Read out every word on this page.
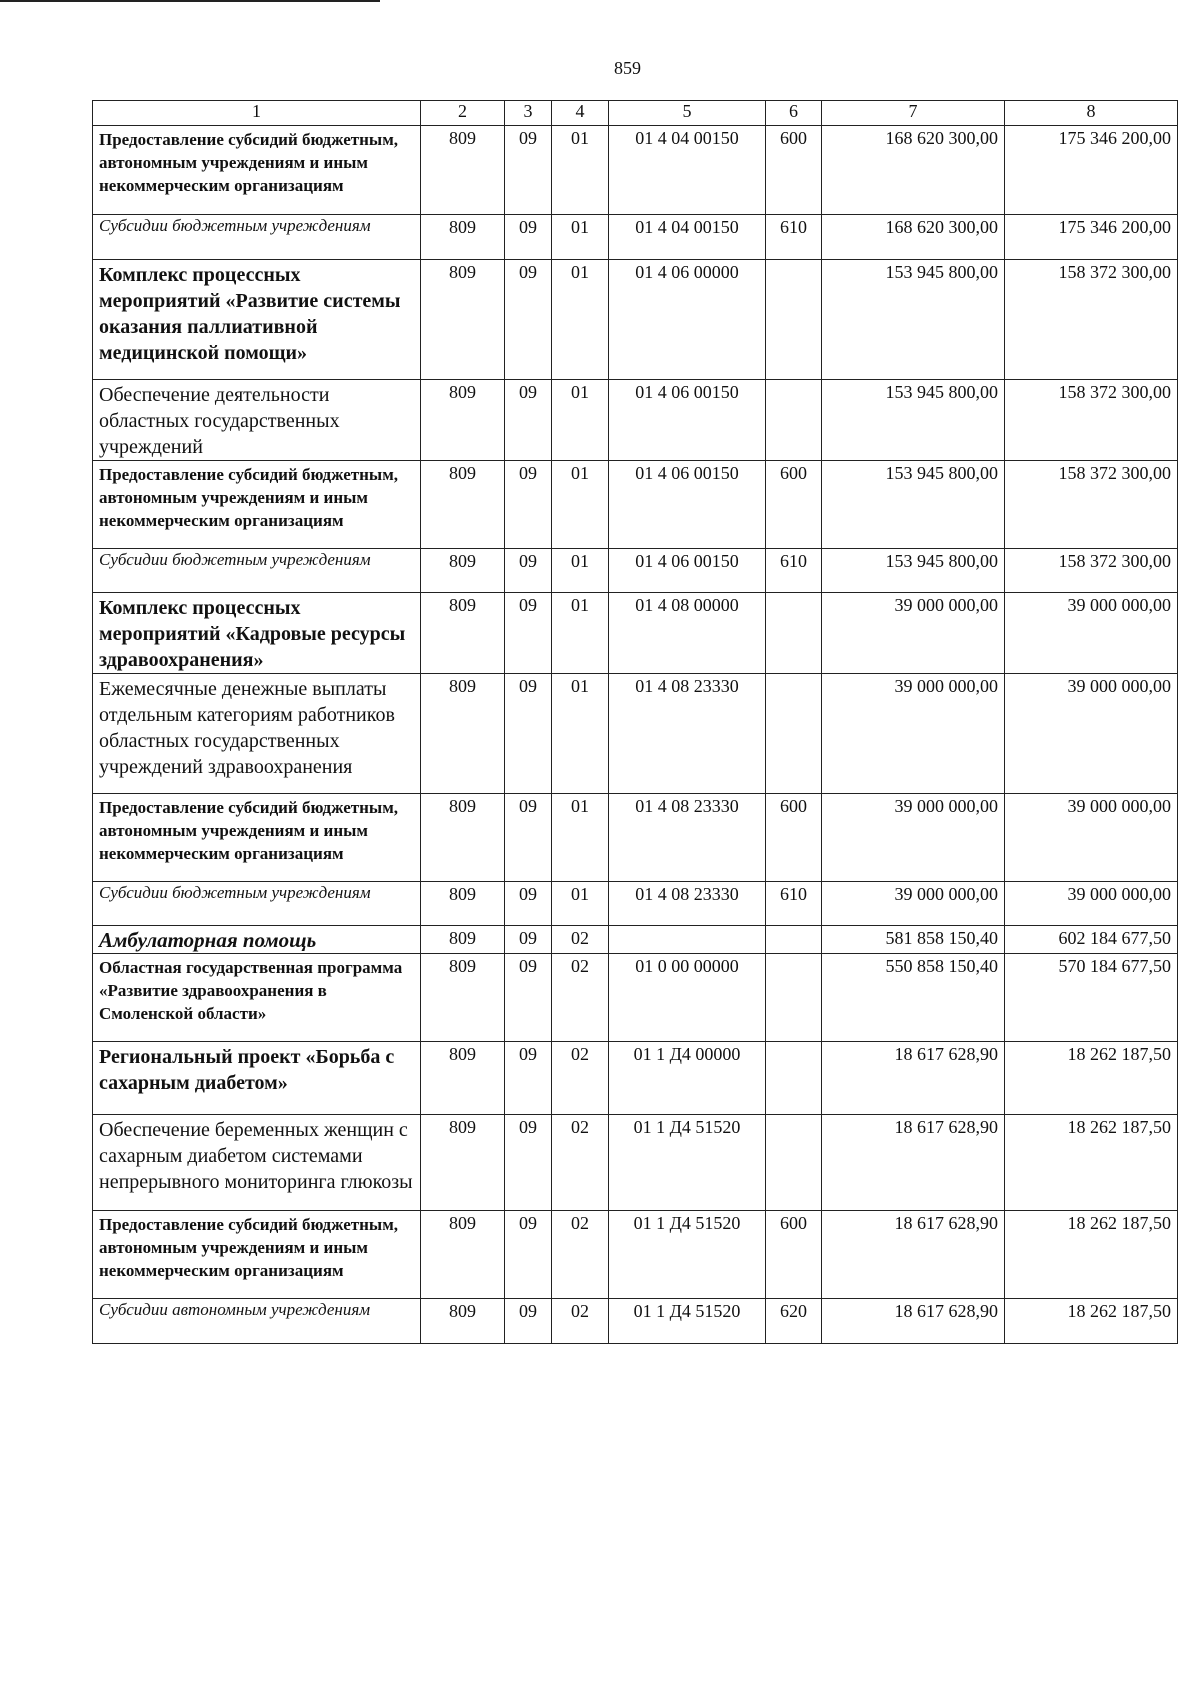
859
1	2	3	4	5	6	7	8
Предоставление субсидий бюджетным, автономным учреждениям и иным некоммерческим организациям	809	09	01	01 4 04 00150	600	168 620 300,00	175 346 200,00
Субсидии бюджетным учреждениям	809	09	01	01 4 04 00150	610	168 620 300,00	175 346 200,00
Комплекс процессных мероприятий «Развитие системы оказания паллиативной медицинской помощи»	809	09	01	01 4 06 00000		153 945 800,00	158 372 300,00
Обеспечение деятельности областных государственных учреждений	809	09	01	01 4 06 00150		153 945 800,00	158 372 300,00
Предоставление субсидий бюджетным, автономным учреждениям и иным некоммерческим организациям	809	09	01	01 4 06 00150	600	153 945 800,00	158 372 300,00
Субсидии бюджетным учреждениям	809	09	01	01 4 06 00150	610	153 945 800,00	158 372 300,00
Комплекс процессных мероприятий «Кадровые ресурсы здравоохранения»	809	09	01	01 4 08 00000		39 000 000,00	39 000 000,00
Ежемесячные денежные выплаты отдельным категориям работников областных государственных учреждений здравоохранения	809	09	01	01 4 08 23330		39 000 000,00	39 000 000,00
Предоставление субсидий бюджетным, автономным учреждениям и иным некоммерческим организациям	809	09	01	01 4 08 23330	600	39 000 000,00	39 000 000,00
Субсидии бюджетным учреждениям	809	09	01	01 4 08 23330	610	39 000 000,00	39 000 000,00
Амбулаторная помощь	809	09	02			581 858 150,40	602 184 677,50
Областная государственная программа «Развитие здравоохранения в Смоленской области»	809	09	02	01 0 00 00000		550 858 150,40	570 184 677,50
Региональный проект «Борьба с сахарным диабетом»	809	09	02	01 1 Д4 00000		18 617 628,90	18 262 187,50
Обеспечение беременных женщин с сахарным диабетом системами непрерывного мониторинга глюкозы	809	09	02	01 1 Д4 51520		18 617 628,90	18 262 187,50
Предоставление субсидий бюджетным, автономным учреждениям и иным некоммерческим организациям	809	09	02	01 1 Д4 51520	600	18 617 628,90	18 262 187,50
Субсидии автономным учреждениям	809	09	02	01 1 Д4 51520	620	18 617 628,90	18 262 187,50
